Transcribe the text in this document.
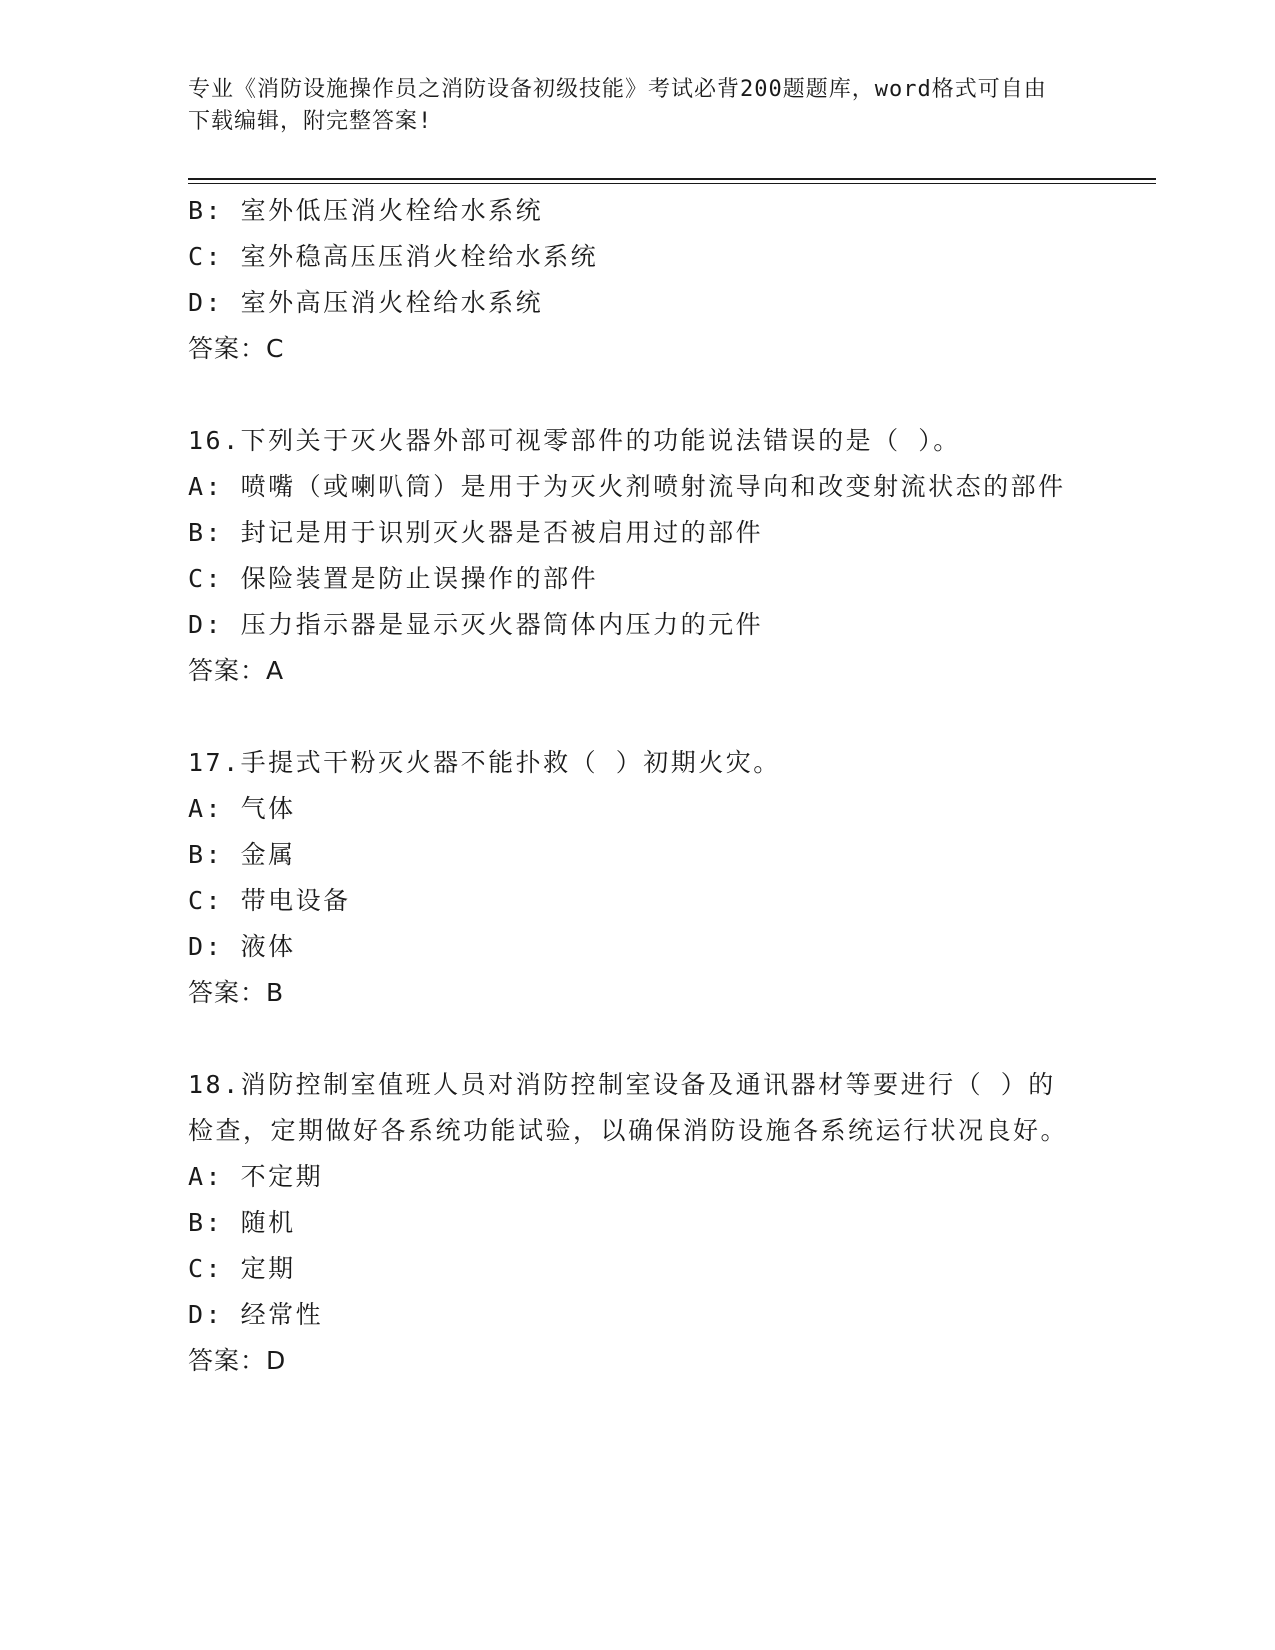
专业《消防设施操作员之消防设备初级技能》考试必背200题题库，word格式可自由下载编辑，附完整答案!
B: 室外低压消火栓给水系统
C: 室外稳高压压消火栓给水系统
D: 室外高压消火栓给水系统
答案：C
16.下列关于灭火器外部可视零部件的功能说法错误的是（ ）。
A: 喷嘴（或喇叭筒）是用于为灭火剂喷射流导向和改变射流状态的部件
B: 封记是用于识别灭火器是否被启用过的部件
C: 保险装置是防止误操作的部件
D: 压力指示器是显示灭火器筒体内压力的元件
答案：A
17.手提式干粉灭火器不能扑救（ ）初期火灾。
A: 气体
B: 金属
C: 带电设备
D: 液体
答案：B
18.消防控制室值班人员对消防控制室设备及通讯器材等要进行（ ）的检查，定期做好各系统功能试验，以确保消防设施各系统运行状况良好。
A: 不定期
B: 随机
C: 定期
D: 经常性
答案：D
